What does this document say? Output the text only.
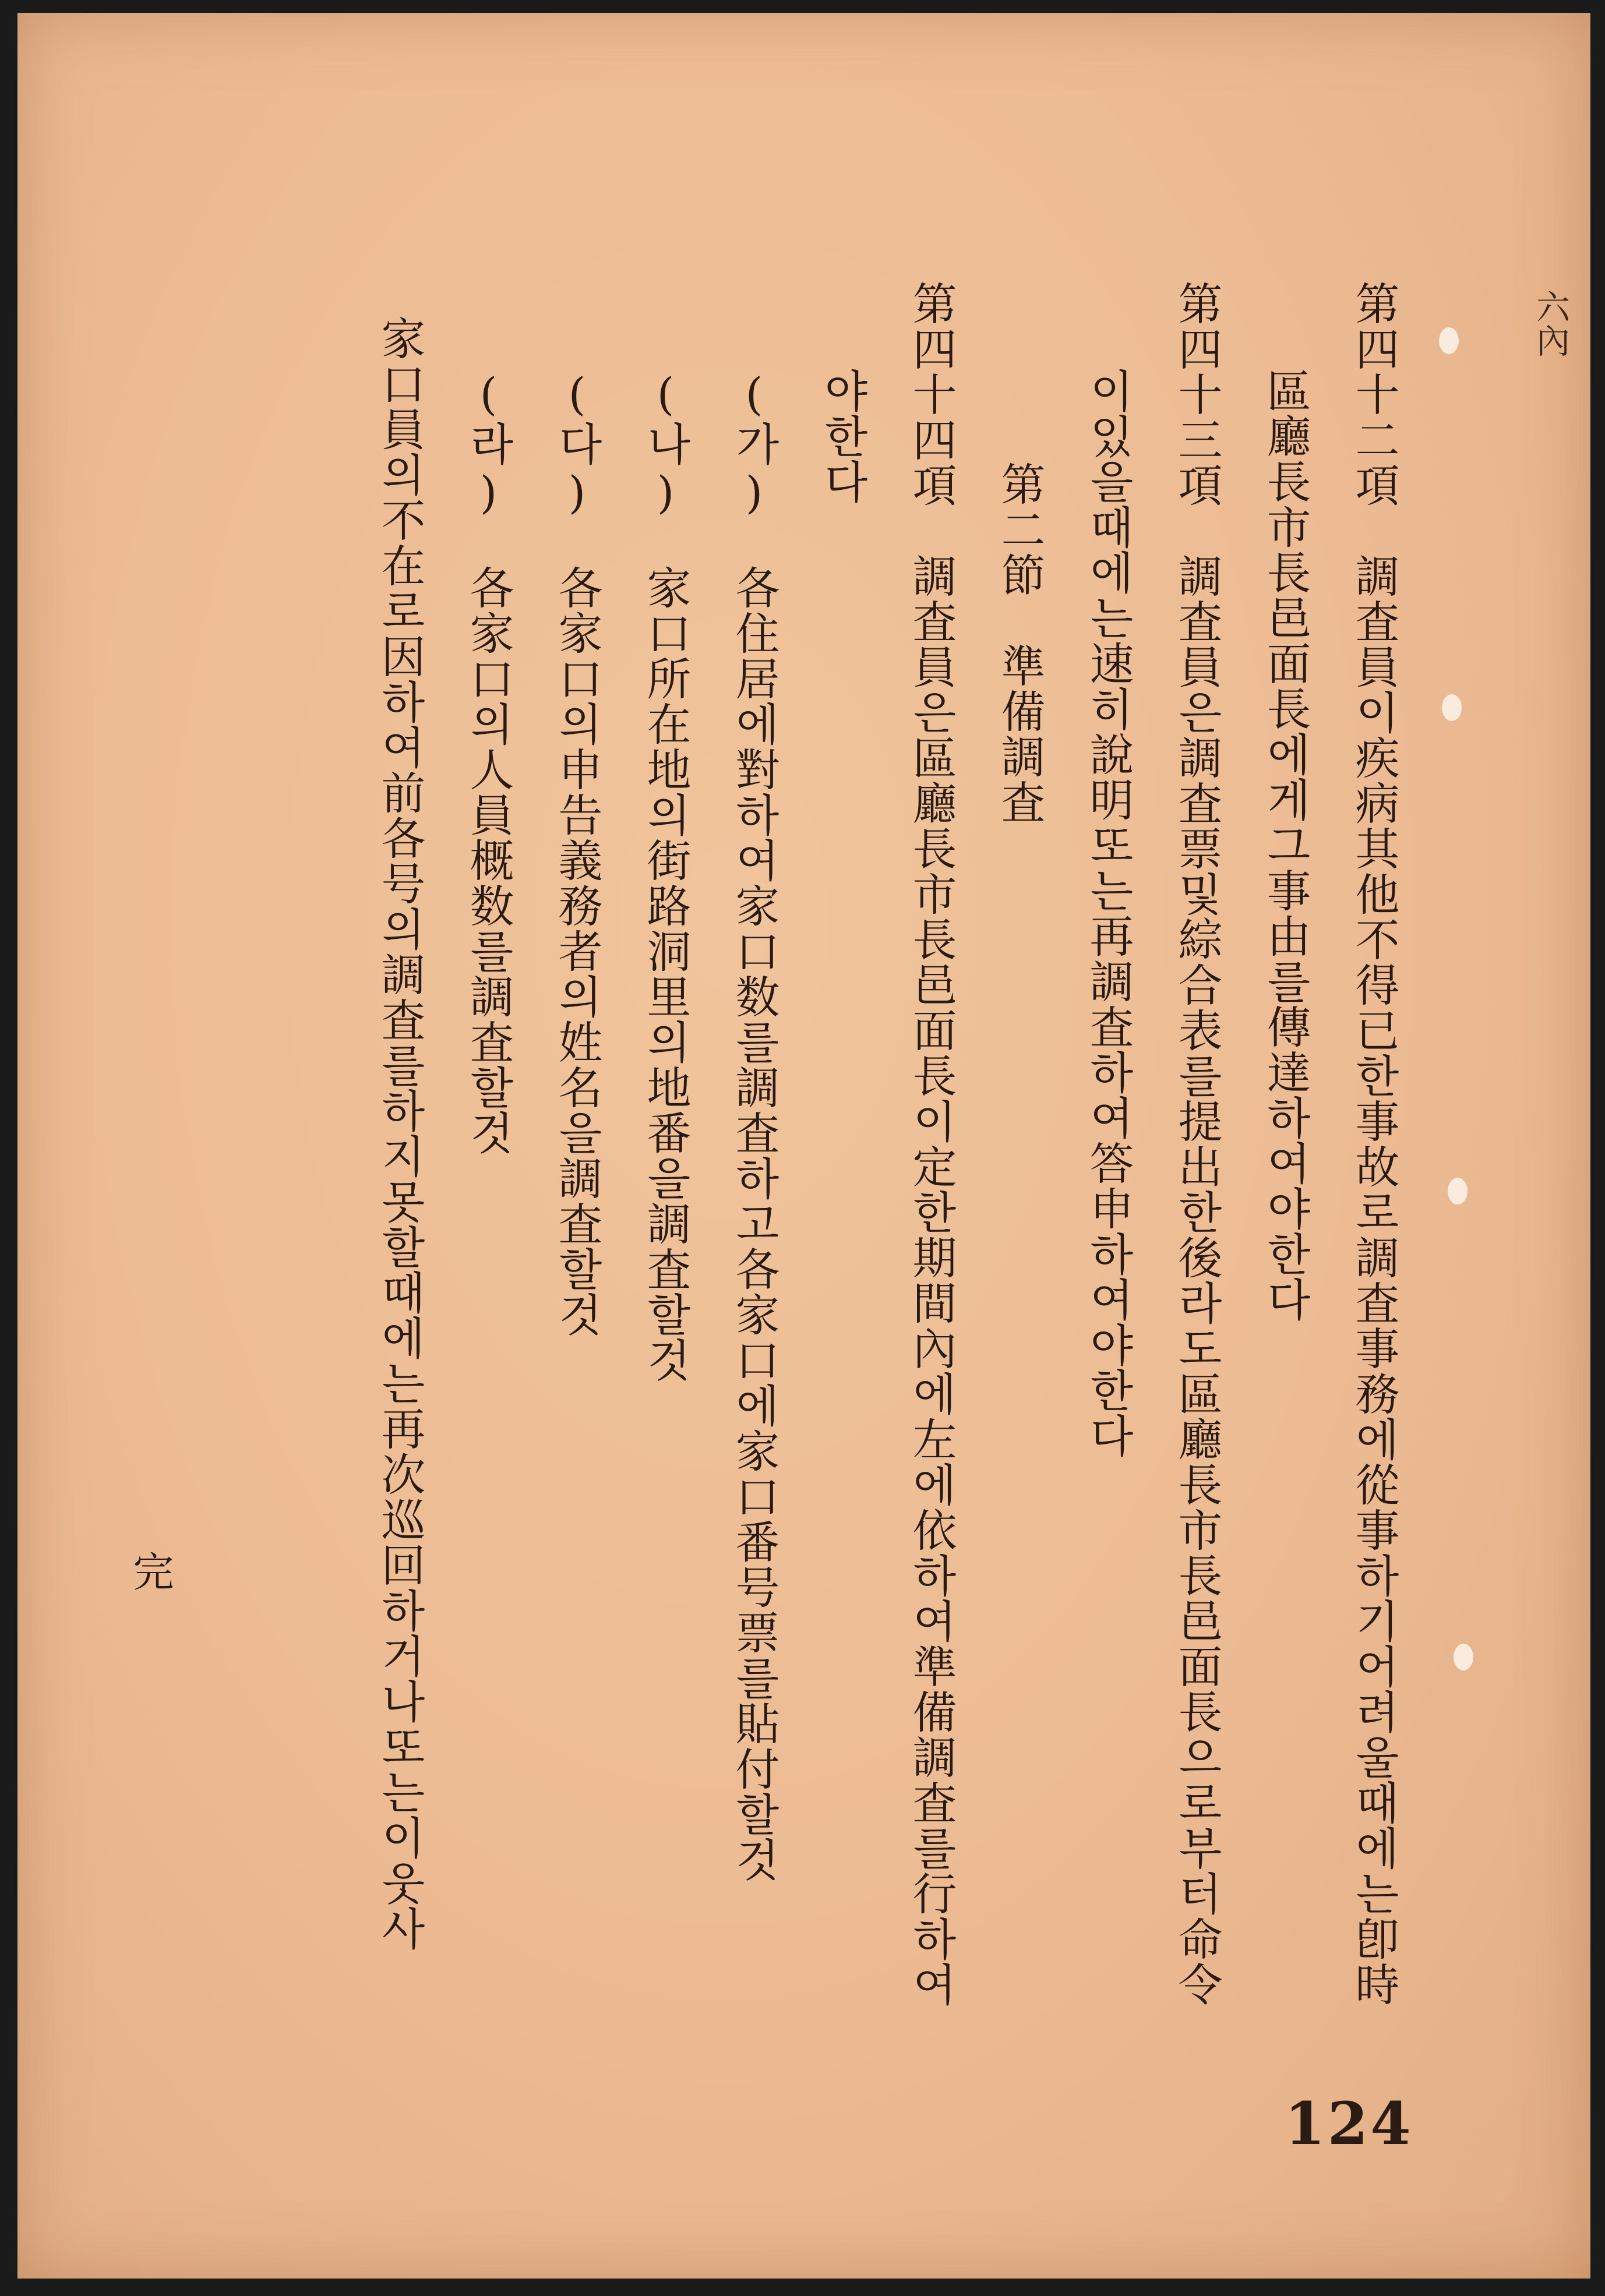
六內
第四十二項　調査員이疾病其他不得已한事故로調査事務에從事하기어려울때에는卽時
區廳長市長邑面長에게그事由를傳達하여야한다
第四十三項　調査員은調査票및綜合表를提出한後라도區廳長市長邑面長으로부터命令
이있을때에는速히說明또는再調査하여答申하여야한다
第二節　準備調査
第四十四項　調査員은區廳長市長邑面長이定한期間內에左에依하여準備調査를行하여
야한다
(가)　各住居에對하여家口数를調査하고各家口에家口番号票를貼付할것
(나)　家口所在地의街路洞里의地番을調査할것
(다)　各家口의申告義務者의姓名을調査할것
(라)　各家口의人員概数를調査할것
家口員의不在로因하여前各号의調査를하지못할때에는再次巡回하거나또는이웃사
完
124
